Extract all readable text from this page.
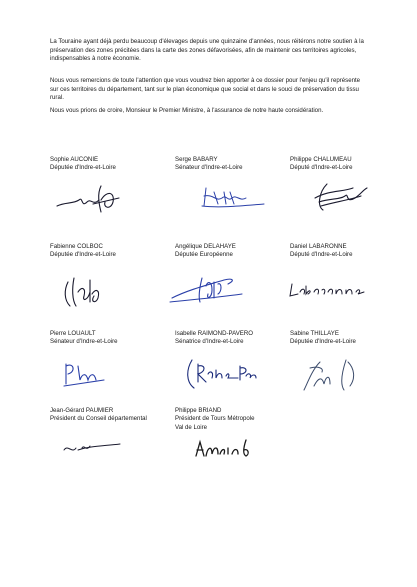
La Touraine ayant déjà perdu beaucoup d'élevages depuis une quinzaine d'années, nous réitérons notre soutien à la préservation des zones précitées dans la carte des zones défavorisées, afin de maintenir ces territoires agricoles, indispensables à notre économie.

Nous vous remercions de toute l'attention que vous voudrez bien apporter à ce dossier pour l'enjeu qu'il représente sur ces territoires du département, tant sur le plan économique que social et dans le souci de préservation du tissu rural.

Nous vous prions de croire, Monsieur le Premier Ministre, à l'assurance de notre haute considération.

Sophie AUCONIE
Députée d'Indre-et-Loire
Serge BABARY
Sénateur d'Indre-et-Loire
Philippe CHALUMEAU
Député d'Indre-et-Loire
Fabienne COLBOC
Députée d'Indre-et-Loire
Angélique DELAHAYE
Députée Européenne
Daniel LABARONNE
Député d'Indre-et-Loire
Pierre LOUAULT
Sénateur d'Indre-et-Loire
Isabelle RAIMOND-PAVERO
Sénatrice d'Indre-et-Loire
Sabine THILLAYE
Députée d'Indre-et-Loire
Jean-Gérard PAUMIER
Président du Conseil départemental
Philippe BRIAND
Président de Tours Métropole
Val de Loire
